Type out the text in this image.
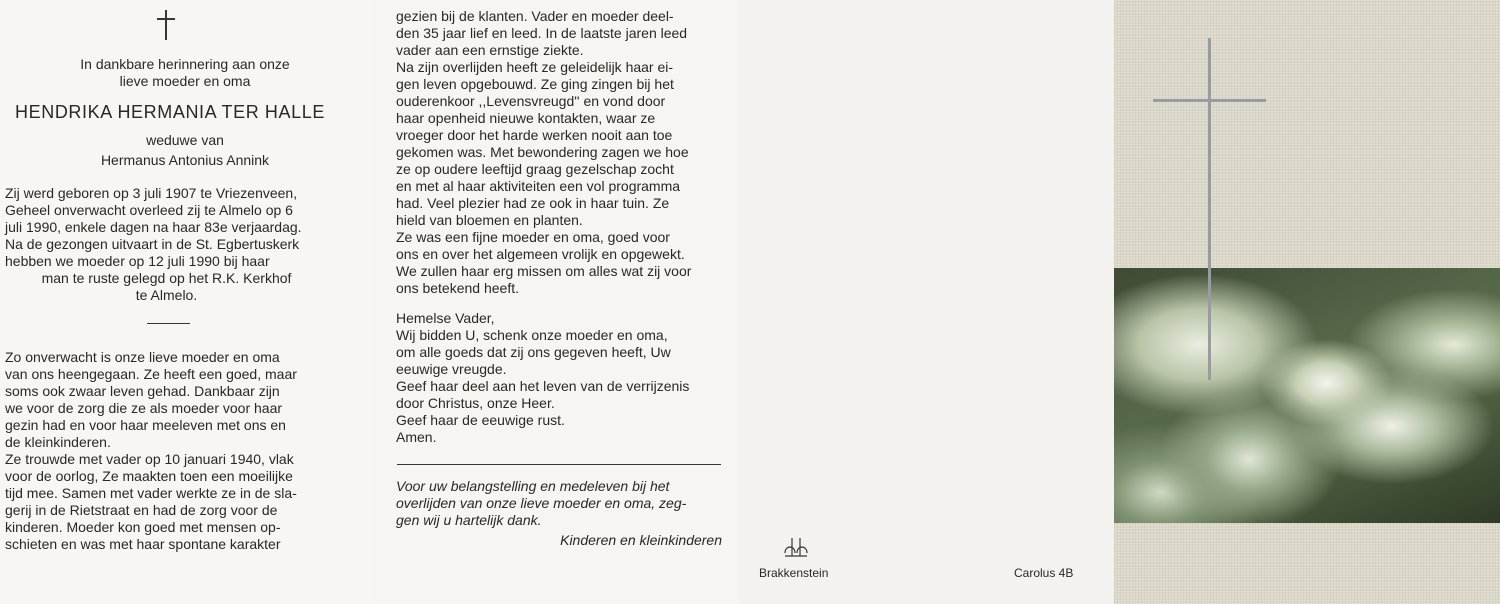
In dankbare herinnering aan onze
lieve moeder en oma
HENDRIKA HERMANIA TER HALLE
weduwe van
Hermanus Antonius Annink

Zij werd geboren op 3 juli 1907 te Vriezenveen,

Geheel onverwacht overleed zij te Almelo op 6

juli 1990, enkele dagen na haar 83e verjaardag.

Na de gezongen uitvaart in de St. Egbertuskerk

hebben we moeder op 12 juli 1990 bij haar

man te ruste gelegd op het R.K. Kerkhof

te Almelo.

Zo onverwacht is onze lieve moeder en oma

van ons heengegaan. Ze heeft een goed, maar

soms ook zwaar leven gehad. Dankbaar zijn

we voor de zorg die ze als moeder voor haar

gezin had en voor haar meeleven met ons en

de kleinkinderen.

Ze trouwde met vader op 10 januari 1940, vlak

voor de oorlog, Ze maakten toen een moeilijke

tijd mee. Samen met vader werkte ze in de sla-

gerij in de Rietstraat en had de zorg voor de

kinderen. Moeder kon goed met mensen op-

schieten en was met haar spontane karakter

gezien bij de klanten. Vader en moeder deel-

den 35 jaar lief en leed. In de laatste jaren leed

vader aan een ernstige ziekte.

Na zijn overlijden heeft ze geleidelijk haar ei-

gen leven opgebouwd. Ze ging zingen bij het

ouderenkoor ,,Levensvreugd'' en vond door

haar openheid nieuwe kontakten, waar ze

vroeger door het harde werken nooit aan toe

gekomen was. Met bewondering zagen we hoe

ze op oudere leeftijd graag gezelschap zocht

en met al haar aktiviteiten een vol programma

had. Veel plezier had ze ook in haar tuin. Ze

hield van bloemen en planten.

Ze was een fijne moeder en oma, goed voor

ons en over het algemeen vrolijk en opgewekt.

We zullen haar erg missen om alles wat zij voor

ons betekend heeft.

Hemelse Vader,

Wij bidden U, schenk onze moeder en oma,

om alle goeds dat zij ons gegeven heeft, Uw

eeuwige vreugde.

Geef haar deel aan het leven van de verrijzenis

door Christus, onze Heer.

Geef haar de eeuwige rust.

Amen.

Voor uw belangstelling en medeleven bij het

overlijden van onze lieve moeder en oma, zeg-

gen wij u hartelijk dank.

Kinderen en kleinkinderen
Brakkenstein	Carolus 4B
